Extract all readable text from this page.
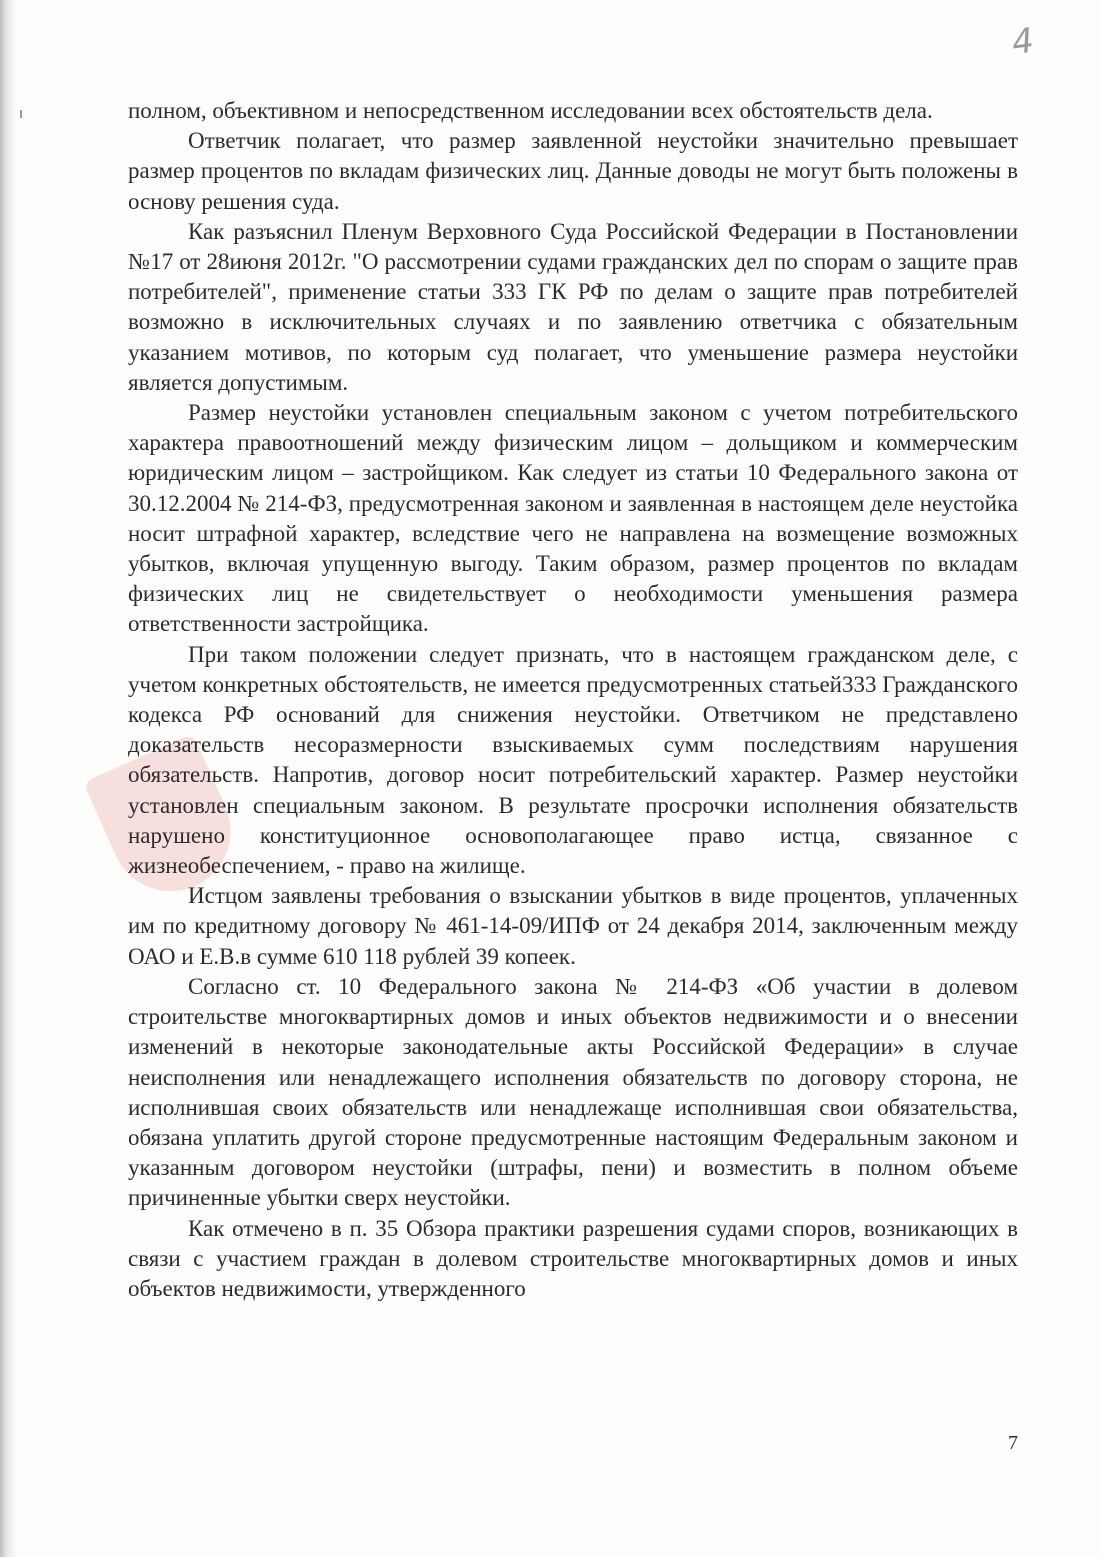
4

полном, объективном и непосредственном исследовании всех обстоятельств дела.

Ответчик полагает, что размер заявленной неустойки значительно превышает размер процентов по вкладам физических лиц. Данные доводы не могут быть положены в основу решения суда.

Как разъяснил Пленум Верховного Суда Российской Федерации в Постановлении №17 от 28июня 2012г. "О рассмотрении судами гражданских дел по спорам о защите прав потребителей", применение статьи 333 ГК РФ по делам о защите прав потребителей возможно в исключительных случаях и по заявлению ответчика с обязательным указанием мотивов, по которым суд полагает, что уменьшение размера неустойки является допустимым.

Размер неустойки установлен специальным законом с учетом потребительского характера правоотношений между физическим лицом – дольщиком и коммерческим юридическим лицом – застройщиком. Как следует из статьи 10 Федерального закона от 30.12.2004 № 214-ФЗ, предусмотренная законом и заявленная в настоящем деле неустойка носит штрафной характер, вследствие чего не направлена на возмещение возможных убытков, включая упущенную выгоду. Таким образом, размер процентов по вкладам физических лиц не свидетельствует о необходимости уменьшения размера ответственности застройщика.

При таком положении следует признать, что в настоящем гражданском деле, с учетом конкретных обстоятельств, не имеется предусмотренных статьей333 Гражданского кодекса РФ оснований для снижения неустойки. Ответчиком не представлено доказательств несоразмерности взыскиваемых сумм последствиям нарушения обязательств. Напротив, договор носит потребительский характер. Размер неустойки установлен специальным законом. В результате просрочки исполнения обязательств нарушено конституционное основополагающее право истца, связанное с жизнеобеспечением, - право на жилище.

Истцом заявлены требования о взыскании убытков в виде процентов, уплаченных им по кредитному договору № 461-14-09/ИПФ от 24 декабря 2014, заключенным между ОАО и Е.В.в сумме 610 118 рублей 39 копеек.

Согласно ст. 10 Федерального закона № 214-ФЗ «Об участии в долевом строительстве многоквартирных домов и иных объектов недвижимости и о внесении изменений в некоторые законодательные акты Российской Федерации» в случае неисполнения или ненадлежащего исполнения обязательств по договору сторона, не исполнившая своих обязательств или ненадлежаще исполнившая свои обязательства, обязана уплатить другой стороне предусмотренные настоящим Федеральным законом и указанным договором неустойки (штрафы, пени) и возместить в полном объеме причиненные убытки сверх неустойки.

Как отмечено в п. 35 Обзора практики разрешения судами споров, возникающих в связи с участием граждан в долевом строительстве многоквартирных домов и иных объектов недвижимости, утвержденного

7
